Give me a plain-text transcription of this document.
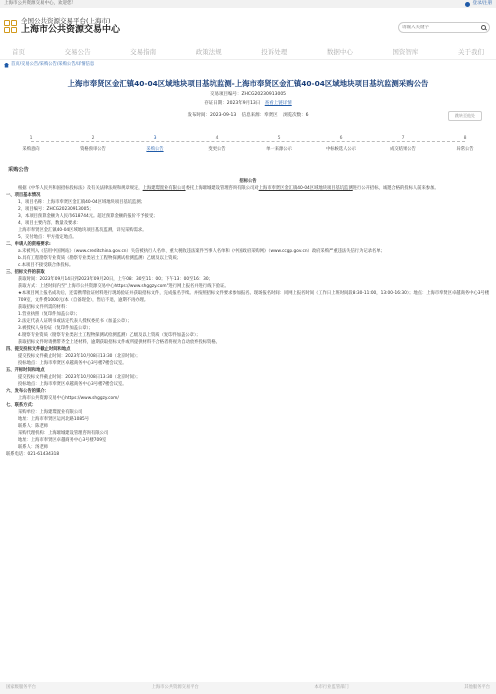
上海市公共资源交易中心，欢迎您！	登录/注册
全国公共资源交易平台(上海市)
上海市公共资源交易中心
请输入关键字
首页	交易公告	交易指南	政策法规	投诉处理	数据中心	国资智库	关于我们
首页/交易公告/采购公告/采购公告/详情信息
上海市奉贤区金汇镇40-04区域地块项目基坑监测-上海市奉贤区金汇镇40-04区域地块项目基坑监测采购公告
交易项目编号：ZHCG20230913005
存证日期：2023年9月13日 查看上链详情
发布时间：2023-09-13 信息来源：奉贤区 浏览次数：6	跳转至他处
1
采购意向
2
资格预审公告
3
采购公告
4
变更公告
5
单一来源公示
6
中标候选人公示
7
成交结果公告
8
异常公告
采购公告
招标公告

根据《中华人民共和国招标投标法》及有关法律法规和规章规定，上海建璟置业有限公司委托上海璀城建设管理咨询有限公司对上海市奉贤区金汇镇40-04区域地块项目基坑监测进行公开招标，诚邀合格的投标人前来参加。

一、项目基本情况

1、项目名称：上海市奉贤区金汇镇40-04区域地块项目基坑监测；

2、项目编号：ZHCG20230913005；

3、本项目预算金额为人民币618744元。超过预算金额的报价不予接受；

4、项目主要内容、数量及要求：

上海市奉贤区金汇镇40-04区域地块项目基坑监测，详见采购需求。

5、交付地点：甲方指定地点。

二、申请人的资格要求:

a.未被列入《信用中国网站》（www.creditchina.gov.cn）失信被执行人名单、重大税收违法案件当事人名单和《中国政府采购网》（www.ccgp.gov.cn）政府采购严重违法失信行为记录名单；

b.具有工程勘察专业资质（勘察专业类岩土工程物探测试检测监测）乙级及以上资质；

c.本项目不接受联合体投标。

三、招标文件的获取

获取时间：2023年09月14日到2023年09月20日，上午08：30至11：00；下午13：00至16：30；

获取方式：上述时间内至"上海市公共资源交易中心https://www.shggzy.com"进行网上报名并进行线下验证。

★本项目网上报名成功后，还需携带验证材料进行现场验证并获取招标文件，完成报名手续。并按照招标文件要求参加报名。现场报名时间：同网上报名时间（工作日上班时间段8:30-11:00，13:00-16:30）；地点：上海市奉贤区卓越商务中心3号楼709室，文件费1000元/本（自备现金），售后不退，逾期不再办理。

获取招标文件所需的材料：

1.营业执照（复印件加盖公章）；

2.法定代表人证明书或法定代表人授权委托书（加盖公章）；

3.被授权人身份证（复印件加盖公章）；

4.勘察专业资质（勘察专业类岩土工程物探测试检测监测）乙级及以上资质（复印件加盖公章）；

获取招标文件时请携带齐全上述材料，逾期获取招标文件或所提供材料不合格者将视为自动放弃投标资格。

四、提交投标文件截止时间和地点

提交投标文件截止时间：2023年10月08日13:30（北京时间）；

投标地点：上海市奉贤区卓越商务中心3号楼7楼会议室。

五、开标时间和地点

提交投标文件截止时间：2023年10月08日13:30（北京时间）；

投标地点：上海市奉贤区卓越商务中心3号楼7楼会议室。

六、发布公告的媒介：

上海市公共资源交易中心https://www.shggzy.com/

七、联系方式：

采购单位：上海建璟置业有限公司

地址：上海市奉贤区运河北路1085号

联系人：陈老师

采购代理机构：上海璀城建设管理咨询有限公司

地址：上海市奉贤区卓越商务中心3号楼709室

联系人：汤老师

联系电话：021-61434318

国家级服务平台	上海市公共资源交易平台	本市行业监管部门	其他服务平台
